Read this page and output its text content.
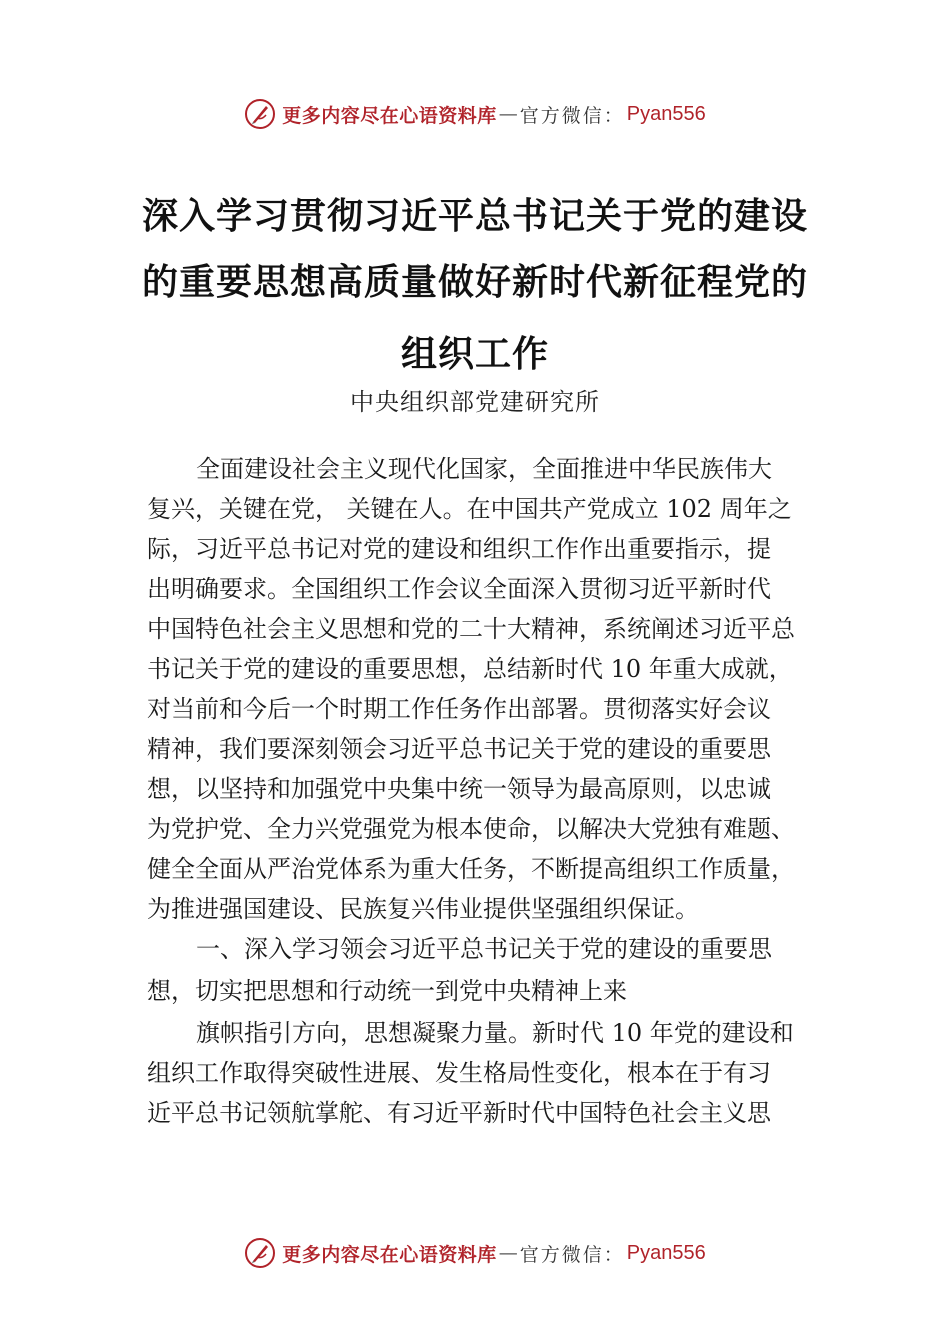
更多内容尽在心语资料库 — 官方微信： Pyan556
深入学习贯彻习近平总书记关于党的建设
的重要思想高质量做好新时代新征程党的
组织工作
中央组织部党建研究所
全面建设社会主义现代化国家，全面推进中华民族伟大
复兴，关键在党， 关键在人。在中国共产党成立 102 周年之
际，习近平总书记对党的建设和组织工作作出重要指示，提
出明确要求。全国组织工作会议全面深入贯彻习近平新时代
中国特色社会主义思想和党的二十大精神，系统阐述习近平总
书记关于党的建设的重要思想，总结新时代 10 年重大成就，
对当前和今后一个时期工作任务作出部署。贯彻落实好会议
精神，我们要深刻领会习近平总书记关于党的建设的重要思
想，以坚持和加强党中央集中统一领导为最高原则，以忠诚
为党护党、全力兴党强党为根本使命，以解决大党独有难题、
健全全面从严治党体系为重大任务，不断提高组织工作质量，
为推进强国建设、民族复兴伟业提供坚强组织保证。
一、深入学习领会习近平总书记关于党的建设的重要思
想，切实把思想和行动统一到党中央精神上来
旗帜指引方向，思想凝聚力量。新时代 10 年党的建设和
组织工作取得突破性进展、发生格局性变化，根本在于有习
近平总书记领航掌舵、有习近平新时代中国特色社会主义思
更多内容尽在心语资料库 — 官方微信： Pyan556
